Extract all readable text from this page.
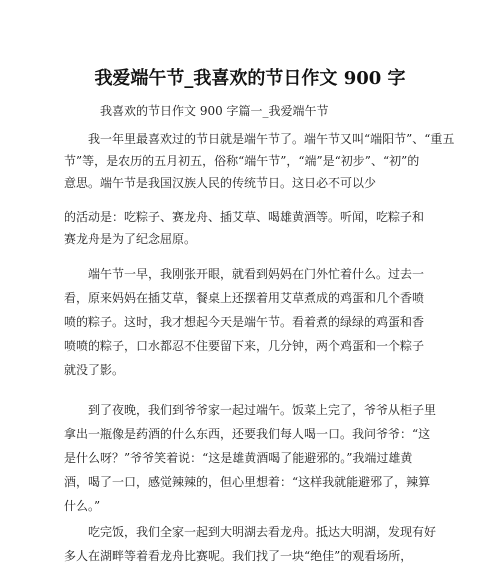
我爱端午节_我喜欢的节日作文 900 字
我喜欢的节日作文 900 字篇一_我爱端午节
　　我一年里最喜欢过的节日就是端午节了。端午节又叫“端阳节”、“重五
节”等，是农历的五月初五，俗称“端午节”，“端”是“初步”、“初”的
意思。端午节是我国汉族人民的传统节日。这日必不可以少
的活动是：吃粽子、赛龙舟、插艾草、喝雄黄酒等。听闻，吃粽子和
赛龙舟是为了纪念屈原。
　　端午节一早，我刚张开眼，就看到妈妈在门外忙着什么。过去一
看，原来妈妈在插艾草，餐桌上还摆着用艾草煮成的鸡蛋和几个香喷
喷的粽子。这时，我才想起今天是端午节。看着煮的绿绿的鸡蛋和香
喷喷的粽子，口水都忍不住要留下来，几分钟，两个鸡蛋和一个粽子
就没了影。
　　到了夜晚，我们到爷爷家一起过端午。饭菜上完了，爷爷从柜子里
拿出一瓶像是药酒的什么东西，还要我们每人喝一口。我问爷爷：“这
是什么呀？”爷爷笑着说：“这是雄黄酒喝了能避邪的。”我端过雄黄
酒，喝了一口，感觉辣辣的，但心里想着：“这样我就能避邪了，辣算
什么。”
　　吃完饭，我们全家一起到大明湖去看龙舟。抵达大明湖，发现有好
多人在湖畔等着看龙舟比赛呢。我们找了一块“绝佳”的观看场所，
